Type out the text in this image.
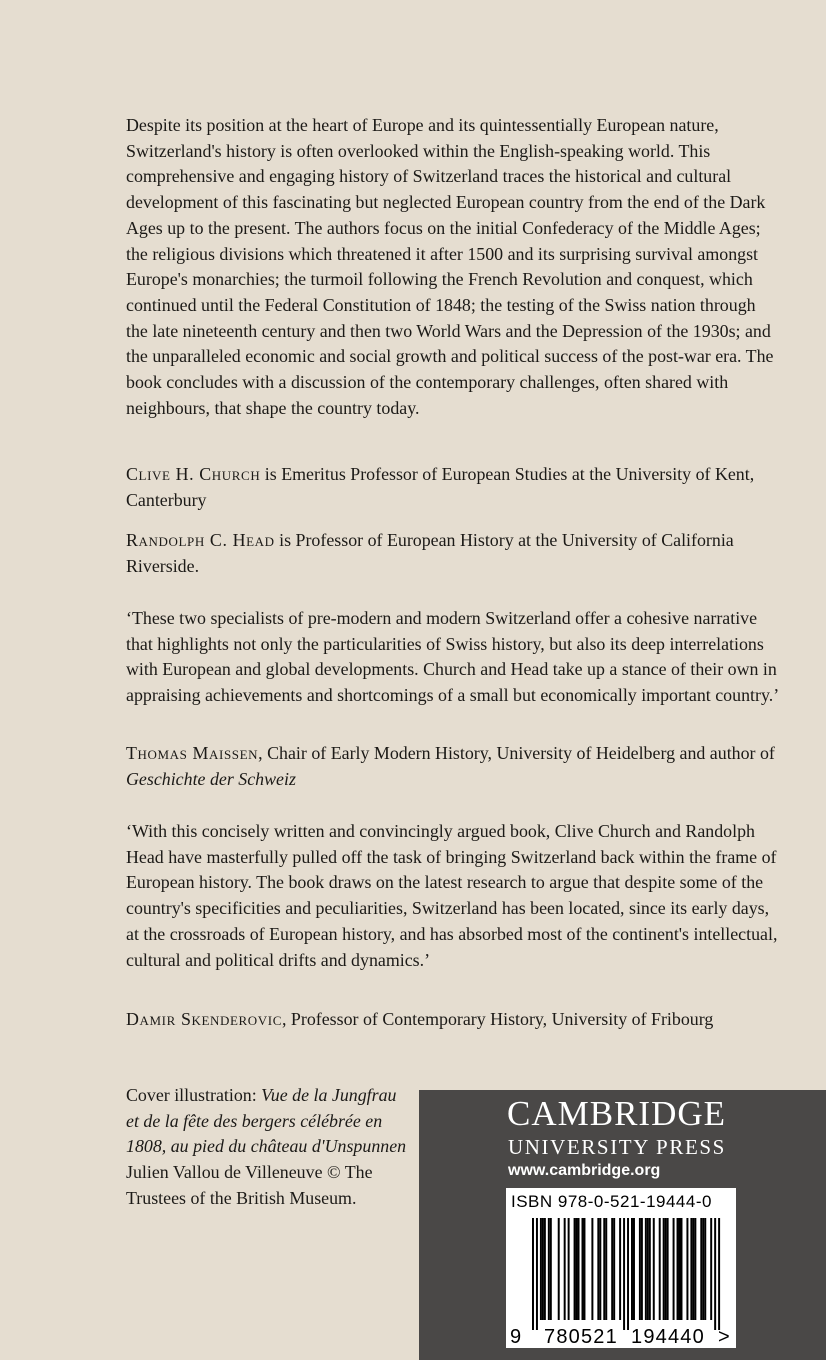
Despite its position at the heart of Europe and its quintessentially European nature, Switzerland's history is often overlooked within the English-speaking world. This comprehensive and engaging history of Switzerland traces the historical and cultural development of this fascinating but neglected European country from the end of the Dark Ages up to the present. The authors focus on the initial Confederacy of the Middle Ages; the religious divisions which threatened it after 1500 and its surprising survival amongst Europe's monarchies; the turmoil following the French Revolution and conquest, which continued until the Federal Constitution of 1848; the testing of the Swiss nation through the late nineteenth century and then two World Wars and the Depression of the 1930s; and the unparalleled economic and social growth and political success of the post-war era. The book concludes with a discussion of the contemporary challenges, often shared with neighbours, that shape the country today.

Clive H. Church is Emeritus Professor of European Studies at the University of Kent, Canterbury

Randolph C. Head is Professor of European History at the University of California Riverside.

‘These two specialists of pre-modern and modern Switzerland offer a cohesive narrative that highlights not only the particularities of Swiss history, but also its deep interrelations with European and global developments. Church and Head take up a stance of their own in appraising achievements and shortcomings of a small but economically important country.’

Thomas Maissen, Chair of Early Modern History, University of Heidelberg and author of Geschichte der Schweiz

‘With this concisely written and convincingly argued book, Clive Church and Randolph Head have masterfully pulled off the task of bringing Switzerland back within the frame of European history. The book draws on the latest research to argue that despite some of the country's specificities and peculiarities, Switzerland has been located, since its early days, at the crossroads of European history, and has absorbed most of the continent's intellectual, cultural and political drifts and dynamics.’

Damir Skenderovic, Professor of Contemporary History, University of Fribourg

Cover illustration: Vue de la Jungfrau et de la fête des bergers célébrée en 1808, au pied du château d'Unspunnen Julien Vallou de Villeneuve © The Trustees of the British Museum.
CAMBRIDGE
UNIVERSITY PRESS
www.cambridge.org

ISBN 978-0-521-19444-0

9 780521 194440 >
